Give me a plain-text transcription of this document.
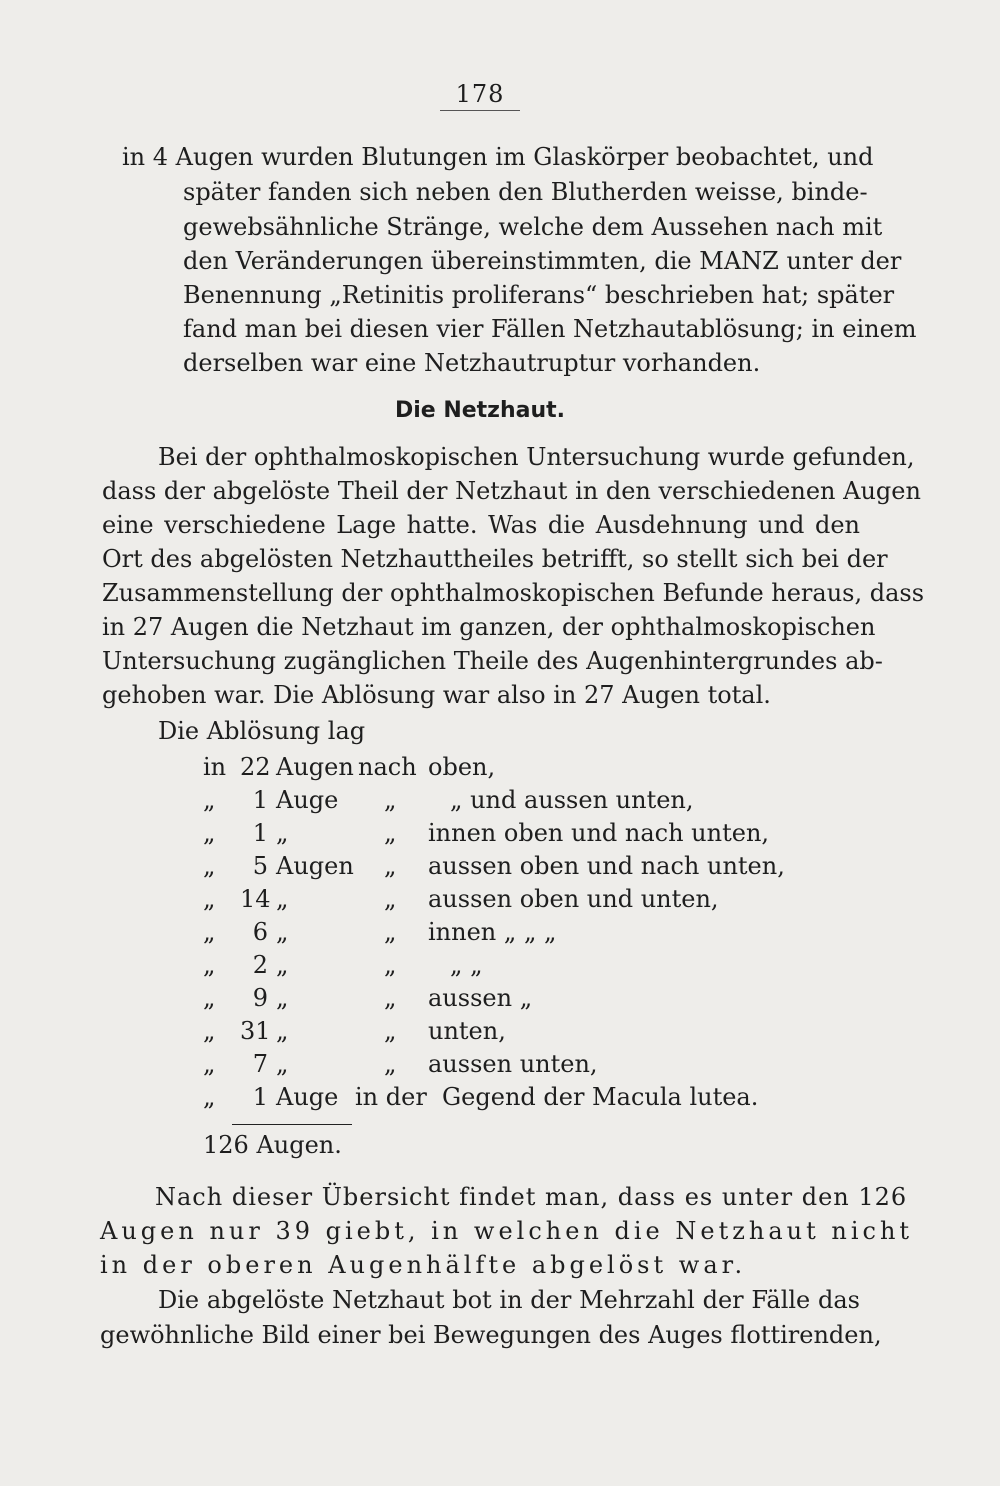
178
in 4 Augen wurden Blutungen im Glaskörper beobachtet, und
später fanden sich neben den Blutherden weisse, binde-
gewebsähnliche Stränge, welche dem Aussehen nach mit
den Veränderungen übereinstimmten, die MANZ unter der
Benennung „Retinitis proliferans“ beschrieben hat; später
fand man bei diesen vier Fällen Netzhautablösung; in einem
derselben war eine Netzhautruptur vorhanden.
Die Netzhaut.
Bei der ophthalmoskopischen Untersuchung wurde gefunden,
dass der abgelöste Theil der Netzhaut in den verschiedenen Augen
eine verschiedene Lage hatte. Was die Ausdehnung und den
Ort des abgelösten Netzhauttheiles betrifft, so stellt sich bei der
Zusammenstellung der ophthalmoskopischen Befunde heraus, dass
in 27 Augen die Netzhaut im ganzen, der ophthalmoskopischen
Untersuchung zugänglichen Theile des Augenhintergrundes ab-
gehoben war. Die Ablösung war also in 27 Augen total.
Die Ablösung lag
in 22 Augen nach oben,
„	1 Auge „ „ und aussen unten,
„	1 „	„ innen oben und nach unten,
„	5 Augen „ aussen oben und nach unten,
„ 14 „	„ aussen oben und unten,
„	6 „	„ innen „ „ „
„	2 „	„ „ „
„	9 „	„ aussen „
„ 31 „	„ unten,
„	7 „	„ aussen unten,
„	1 Auge in der Gegend der Macula lutea.
126 Augen.
Nach dieser Übersicht findet man, dass es unter den 126
Augen nur 39 giebt, in welchen die Netzhaut nicht
in der oberen Augenhälfte abgelöst war.
Die abgelöste Netzhaut bot in der Mehrzahl der Fälle das
gewöhnliche Bild einer bei Bewegungen des Auges flottirenden,
